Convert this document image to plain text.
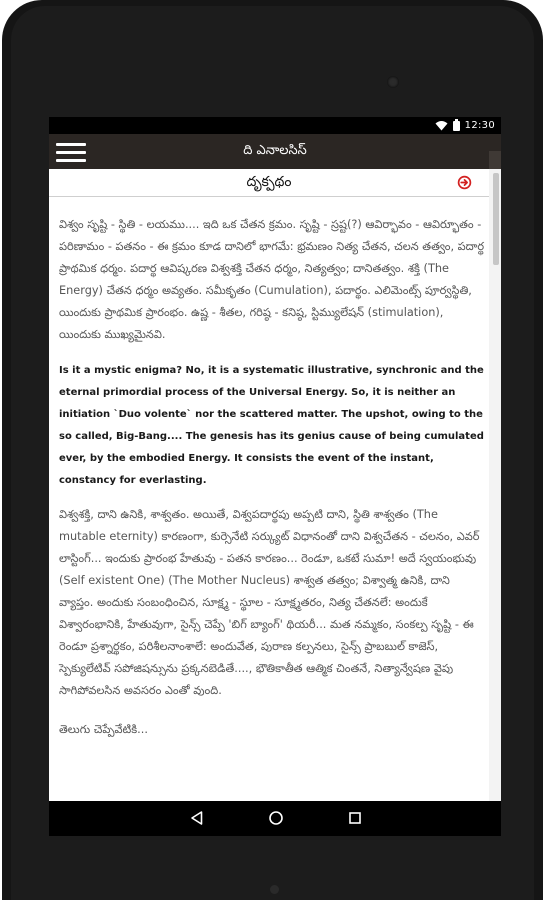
12:30
ది ఎనాలసిస్
దృక్పథం

విశ్వం సృష్టి - స్థితి - లయము.... ఇది ఒక చేతన క్రమం. సృష్టి - స్రష్ట(?) ఆవిర్భావం - ఆవిర్భూతం - పరిణామం - పతనం - ఈ క్రమం కూడ దానిలో భాగమే: భ్రమణం నిత్య చేతన, చలన తత్వం, పదార్థ ప్రాథమిక ధర్మం. పదార్థ ఆవిష్కరణ విశ్వశక్తి చేతన ధర్మం, నిత్యత్వం; దానితత్వం. శక్తి (The Energy) చేతన ధర్మం అవ్యతం. సమీకృతం (Cumulation), పదార్థం. ఎలిమెంట్స్ పూర్వస్థితి, యిందుకు ప్రాథమిక ప్రారంభం. ఉష్ణ - శీతల, గరిష్ఠ - కనిష్ఠ, స్టిమ్యులేషన్ (stimulation), యిందుకు ముఖ్యమైనవి.

Is it a mystic enigma? No, it is a systematic illustrative, synchronic and the eternal primordial process of the Universal Energy. So, it is neither an initiation `Duo volente` nor the scattered matter. The upshot, owing to the so called, Big-Bang.... The genesis has its genius cause of being cumulated ever, by the embodied Energy. It consists the event of the instant, constancy for everlasting.

విశ్వశక్తి, దాని ఉనికి, శాశ్వతం. అయితే, విశ్వపదార్థపు అప్పటి దాని, స్థితి శాశ్వతం (The mutable eternity) కారణంగా, కుర్సెనేటి సర్క్యుట్ విధానంతో దాని విశ్వచేతన - చలనం, ఎవర్ లాస్టింగ్... ఇందుకు ప్రారంభ హేతువు - పతన కారణం... రెండూ, ఒకటే సుమా! అదే స్వయంభువు (Self existent One) (The Mother Nucleus) శాశ్వత తత్వం; విశ్వాత్మ ఉనికి, దాని వ్యాప్తం. అందుకు సంబంధించిన, సూక్ష్మ - స్థూల - సూక్ష్మతరం, నిత్య చేతనలే: అందుకే విశ్వారంభానికి, హేతువుగా, సైన్స్ చెప్పే 'బిగ్ బ్యాంగ్' థియరీ... మత నమ్మకం, సంకల్ప సృష్టి - ఈ రెండూ ప్రశ్నార్థకం, పరిశీలనాంశాలే: అందువేత, పురాణ కల్పనలు, సైన్స్ ప్రాబబుల్ కాజెస్, స్పెక్యులేటివ్ సపోజిషన్సును ప్రక్కనబెడితే...., భౌతికాతీత ఆత్మిక చింతనే, నిత్యాన్వేషణ వైపు సాగిపోవలసిన అవసరం ఎంతో వుంది.

తెలుగు చెప్పేవేటికి...
